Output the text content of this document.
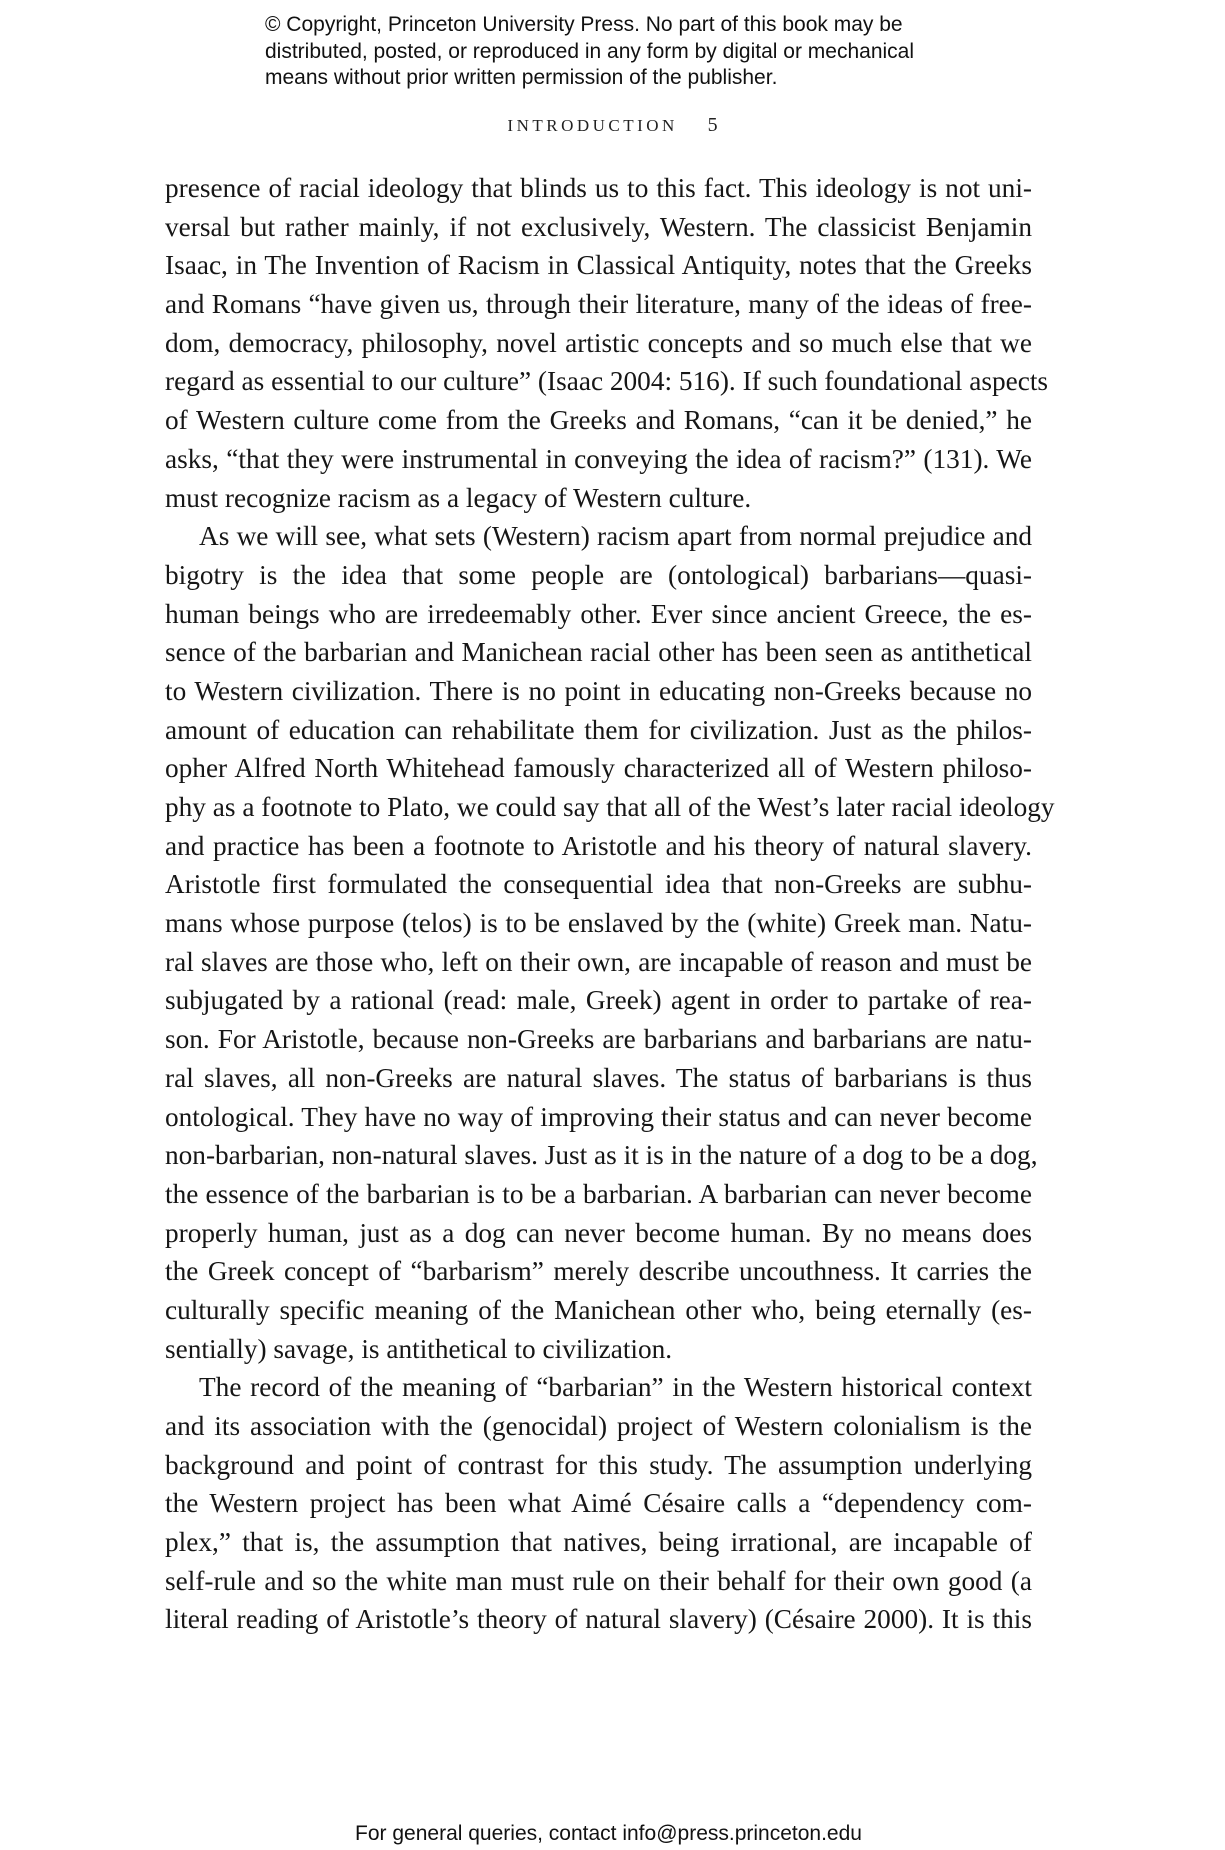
© Copyright, Princeton University Press. No part of this book may be
distributed, posted, or reproduced in any form by digital or mechanical
means without prior written permission of the publisher.
INTRODUCTION 5
presence of racial ideology that blinds us to this fact. This ideology is not uni-
versal but rather mainly, if not exclusively, Western. The classicist Benjamin
Isaac, in The Invention of Racism in Classical Antiquity, notes that the Greeks
and Romans “have given us, through their literature, many of the ideas of free-
dom, democracy, philosophy, novel artistic concepts and so much else that we
regard as essential to our culture” (Isaac 2004: 516). If such foundational aspects
of Western culture come from the Greeks and Romans, “can it be denied,” he
asks, “that they were instrumental in conveying the idea of racism?” (131). We
must recognize racism as a legacy of Western culture.
As we will see, what sets (Western) racism apart from normal prejudice and
bigotry is the idea that some people are (ontological) barbarians—quasi-
human beings who are irredeemably other. Ever since ancient Greece, the es-
sence of the barbarian and Manichean racial other has been seen as antithetical
to Western civilization. There is no point in educating non-Greeks because no
amount of education can rehabilitate them for civilization. Just as the philos-
opher Alfred North Whitehead famously characterized all of Western philoso-
phy as a footnote to Plato, we could say that all of the West’s later racial ideology
and practice has been a footnote to Aristotle and his theory of natural slavery.
Aristotle first formulated the consequential idea that non-Greeks are subhu-
mans whose purpose (telos) is to be enslaved by the (white) Greek man. Natu-
ral slaves are those who, left on their own, are incapable of reason and must be
subjugated by a rational (read: male, Greek) agent in order to partake of rea-
son. For Aristotle, because non-Greeks are barbarians and barbarians are natu-
ral slaves, all non-Greeks are natural slaves. The status of barbarians is thus
ontological. They have no way of improving their status and can never become
non-barbarian, non-natural slaves. Just as it is in the nature of a dog to be a dog,
the essence of the barbarian is to be a barbarian. A barbarian can never become
properly human, just as a dog can never become human. By no means does
the Greek concept of “barbarism” merely describe uncouthness. It carries the
culturally specific meaning of the Manichean other who, being eternally (es-
sentially) savage, is antithetical to civilization.
The record of the meaning of “barbarian” in the Western historical context
and its association with the (genocidal) project of Western colonialism is the
background and point of contrast for this study. The assumption underlying
the Western project has been what Aimé Césaire calls a “dependency com-
plex,” that is, the assumption that natives, being irrational, are incapable of
self-rule and so the white man must rule on their behalf for their own good (a
literal reading of Aristotle’s theory of natural slavery) (Césaire 2000). It is this
For general queries, contact info@press.princeton.edu
